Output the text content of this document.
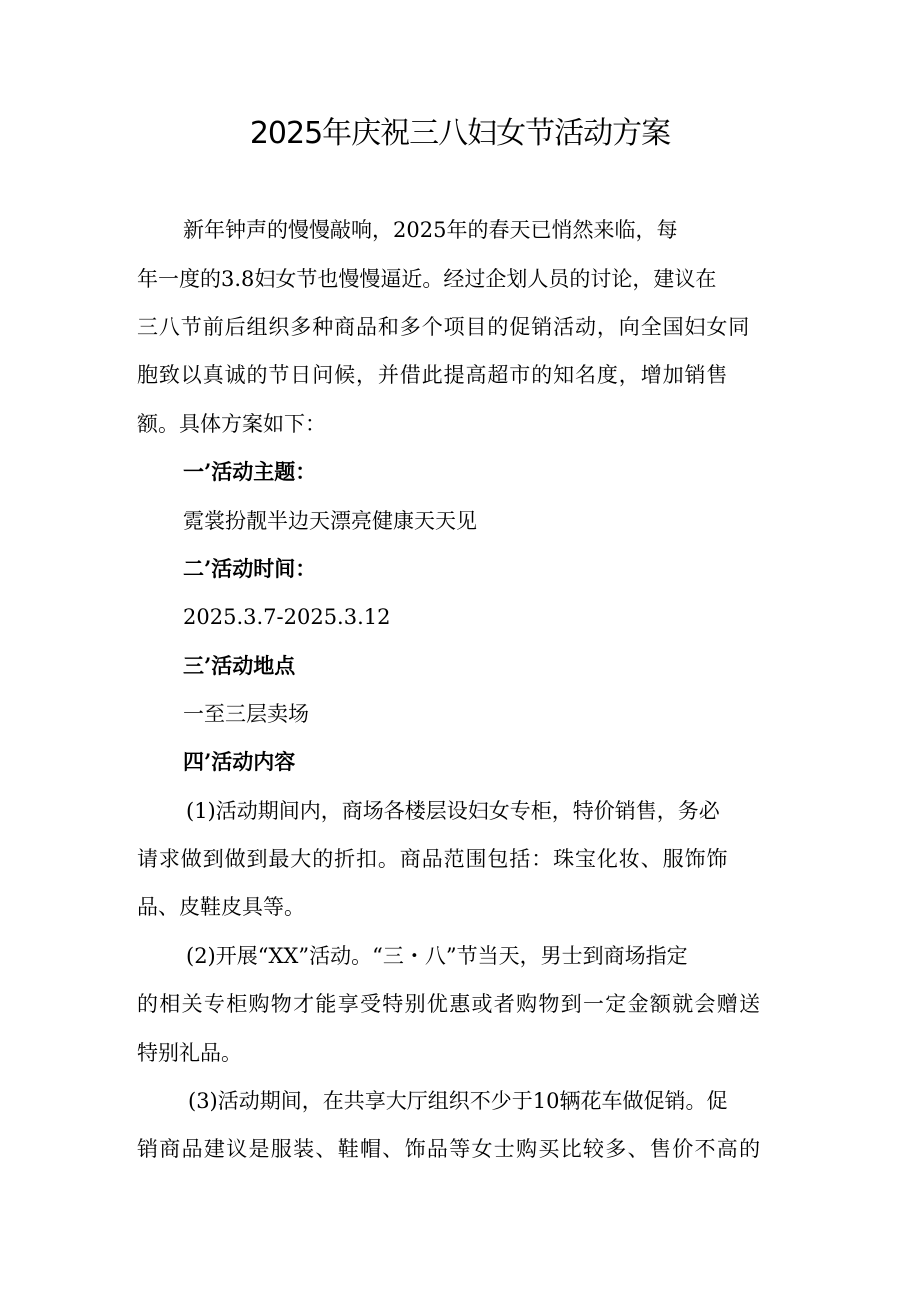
2025年庆祝三八妇女节活动方案
新年钟声的慢慢敲响，2025年的春天已悄然来临，每
年一度的3.8妇女节也慢慢逼近。经过企划人员的讨论，建议在
三八节前后组织多种商品和多个项目的促销活动，向全国妇女同
胞致以真诚的节日问候，并借此提高超市的知名度，增加销售
额。具体方案如下：
一’活动主题：
霓裳扮靓半边天漂亮健康天天见
二’活动时间：
2025.3.7-2025.3.12
三’活动地点
一至三层卖场
四’活动内容
(1)活动期间内，商场各楼层设妇女专柜，特价销售，务必
请求做到做到最大的折扣。商品范围包括：珠宝化妆、服饰饰
品、皮鞋皮具等。
(2)开展“XX”活动。“三・八”节当天，男士到商场指定
的相关专柜购物才能享受特别优惠或者购物到一定金额就会赠送
特别礼品。
(3)活动期间，在共享大厅组织不少于10辆花车做促销。促
销商品建议是服装、鞋帽、饰品等女士购买比较多、售价不高的
